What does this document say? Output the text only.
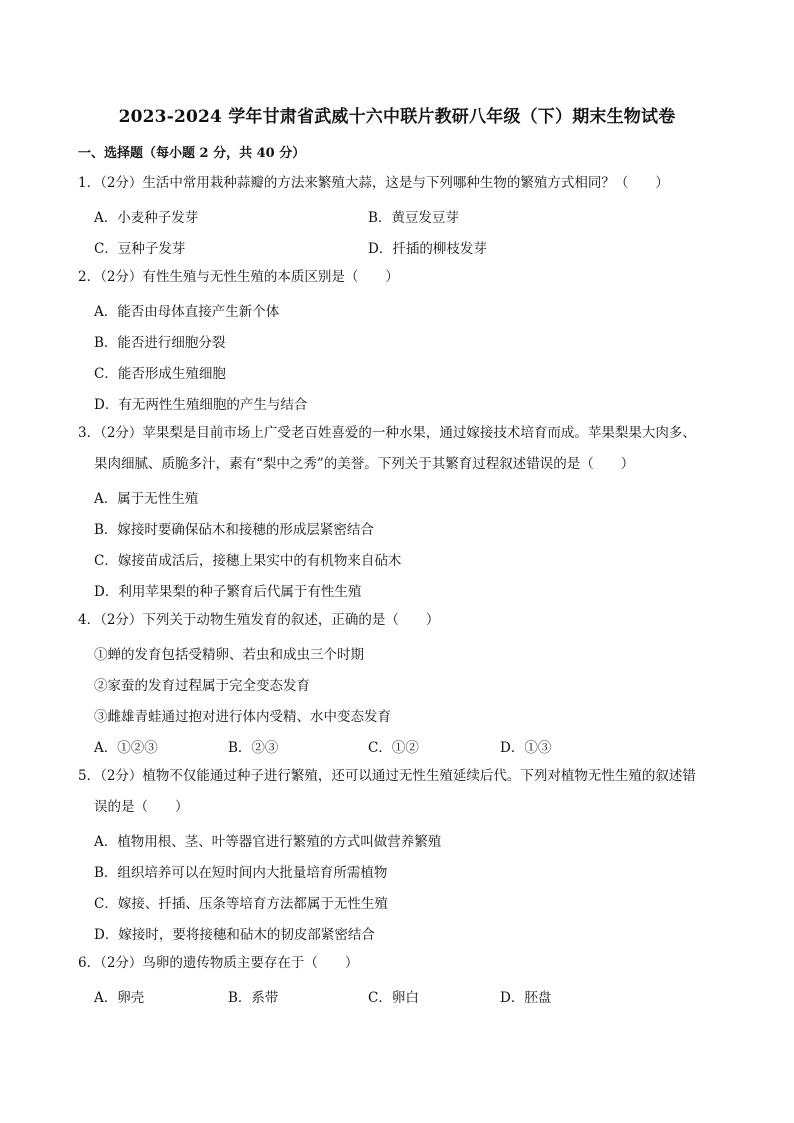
2023-2024 学年甘肃省武威十六中联片教研八年级（下）期末生物试卷
一、选择题（每小题 2 分，共 40 分）
1．（2分）生活中常用栽种蒜瓣的方法来繁殖大蒜，这是与下列哪种生物的繁殖方式相同？（　　）
A．小麦种子发芽	B．黄豆发豆芽
C．豆种子发芽	D．扦插的柳枝发芽
2．（2分）有性生殖与无性生殖的本质区别是（　　）
A．能否由母体直接产生新个体
B．能否进行细胞分裂
C．能否形成生殖细胞
D．有无两性生殖细胞的产生与结合
3．（2分）苹果梨是目前市场上广受老百姓喜爱的一种水果，通过嫁接技术培育而成。苹果梨果大肉多、
果肉细腻、质脆多汁，素有“梨中之秀”的美誉。下列关于其繁育过程叙述错误的是（　　）
A．属于无性生殖
B．嫁接时要确保砧木和接穗的形成层紧密结合
C．嫁接苗成活后，接穗上果实中的有机物来自砧木
D．利用苹果梨的种子繁育后代属于有性生殖
4．（2分）下列关于动物生殖发育的叙述，正确的是（　　）
①蝉的发育包括受精卵、若虫和成虫三个时期
②家蚕的发育过程属于完全变态发育
③雌雄青蛙通过抱对进行体内受精、水中变态发育
A．①②③	B．②③	C．①②	D．①③
5．（2分）植物不仅能通过种子进行繁殖，还可以通过无性生殖延续后代。下列对植物无性生殖的叙述错
误的是（　　）
A．植物用根、茎、叶等器官进行繁殖的方式叫做营养繁殖
B．组织培养可以在短时间内大批量培育所需植物
C．嫁接、扦插、压条等培育方法都属于无性生殖
D．嫁接时，要将接穗和砧木的韧皮部紧密结合
6．（2分）鸟卵的遗传物质主要存在于（　　）
A．卵壳	B．系带	C．卵白	D．胚盘
